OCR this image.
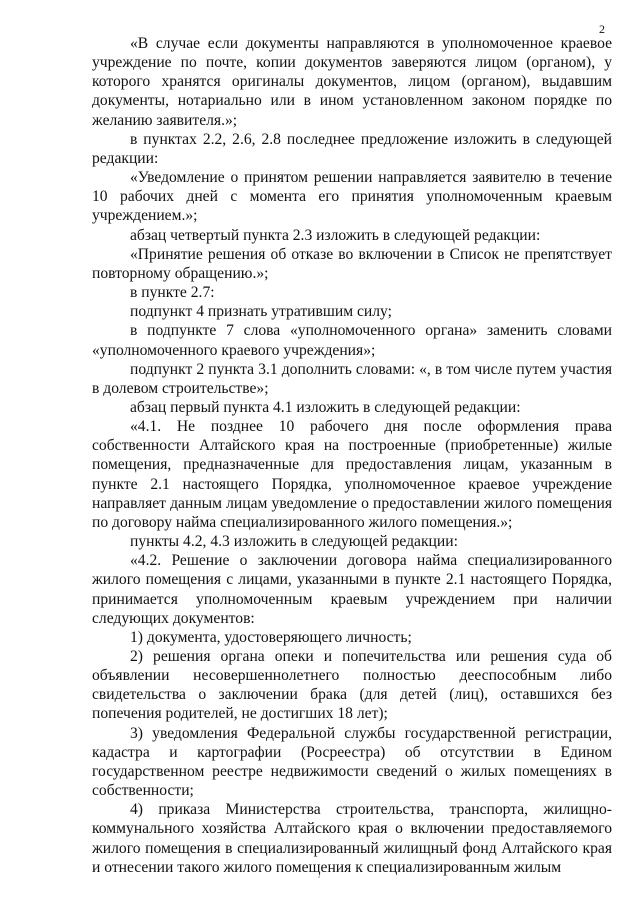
2

«В случае если документы направляются в уполномоченное краевое учреждение по почте, копии документов заверяются лицом (органом), у которого хранятся оригиналы документов, лицом (органом), выдавшим документы, нотариально или в ином установленном законом порядке по желанию заявителя.»;

в пунктах 2.2, 2.6, 2.8 последнее предложение изложить в следующей редакции:

«Уведомление о принятом решении направляется заявителю в течение 10 рабочих дней с момента его принятия уполномоченным краевым учреждением.»;

абзац четвертый пункта 2.3 изложить в следующей редакции:

«Принятие решения об отказе во включении в Список не препятствует повторному обращению.»;

в пункте 2.7:

подпункт 4 признать утратившим силу;

в подпункте 7 слова «уполномоченного органа» заменить словами «уполномоченного краевого учреждения»;

подпункт 2 пункта 3.1 дополнить словами: «, в том числе путем участия в долевом строительстве»;

абзац первый пункта 4.1 изложить в следующей редакции:

«4.1. Не позднее 10 рабочего дня после оформления права собственности Алтайского края на построенные (приобретенные) жилые помещения, предназначенные для предоставления лицам, указанным в пункте 2.1 настоящего Порядка, уполномоченное краевое учреждение направляет данным лицам уведомление о предоставлении жилого помещения по договору найма специализированного жилого помещения.»;

пункты 4.2, 4.3 изложить в следующей редакции:

«4.2. Решение о заключении договора найма специализированного жилого помещения с лицами, указанными в пункте 2.1 настоящего Порядка, принимается уполномоченным краевым учреждением при наличии следующих документов:

1) документа, удостоверяющего личность;

2) решения органа опеки и попечительства или решения суда об объявлении несовершеннолетнего полностью дееспособным либо свидетельства о заключении брака (для детей (лиц), оставшихся без попечения родителей, не достигших 18 лет);

3) уведомления Федеральной службы государственной регистрации, кадастра и картографии (Росреестра) об отсутствии в Едином государственном реестре недвижимости сведений о жилых помещениях в собственности;

4) приказа Министерства строительства, транспорта, жилищно-коммунального хозяйства Алтайского края о включении предоставляемого жилого помещения в специализированный жилищный фонд Алтайского края и отнесении такого жилого помещения к специализированным жилым
